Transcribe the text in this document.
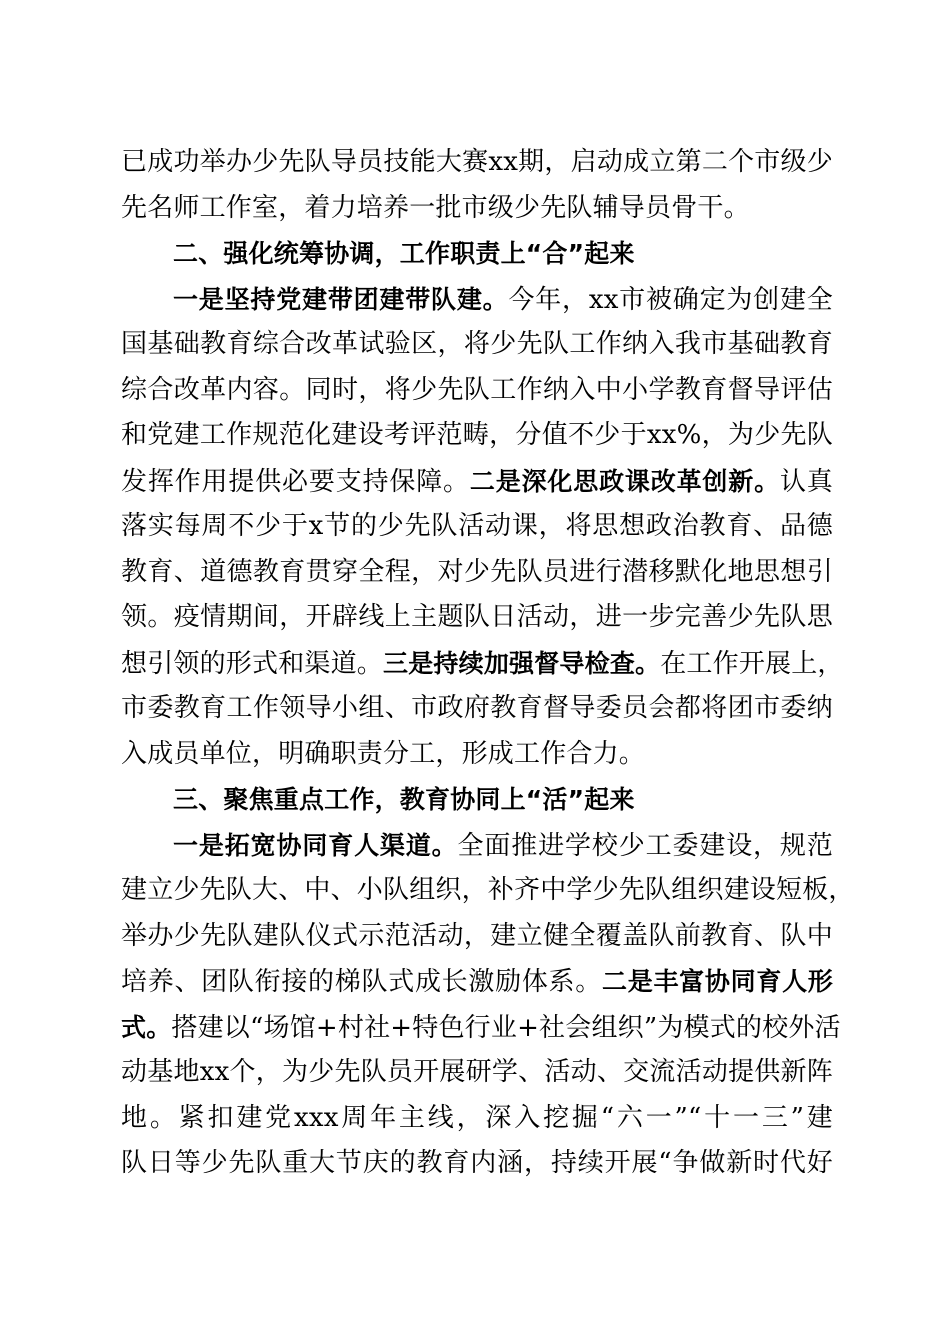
已成功举办少先队导员技能大赛xx期，启动成立第二个市级少
先名师工作室，着力培养一批市级少先队辅导员骨干。
二、强化统筹协调，工作职责上“合”起来
一是坚持党建带团建带队建。今年，xx市被确定为创建全
国基础教育综合改革试验区，将少先队工作纳入我市基础教育
综合改革内容。同时，将少先队工作纳入中小学教育督导评估
和党建工作规范化建设考评范畴，分值不少于xx%，为少先队
发挥作用提供必要支持保障。二是深化思政课改革创新。认真
落实每周不少于x节的少先队活动课，将思想政治教育、品德
教育、道德教育贯穿全程，对少先队员进行潜移默化地思想引
领。疫情期间，开辟线上主题队日活动，进一步完善少先队思
想引领的形式和渠道。三是持续加强督导检查。在工作开展上，
市委教育工作领导小组、市政府教育督导委员会都将团市委纳
入成员单位，明确职责分工，形成工作合力。
三、聚焦重点工作，教育协同上“活”起来
一是拓宽协同育人渠道。全面推进学校少工委建设，规范
建立少先队大、中、小队组织，补齐中学少先队组织建设短板，
举办少先队建队仪式示范活动，建立健全覆盖队前教育、队中
培养、团队衔接的梯队式成长激励体系。二是丰富协同育人形
式。搭建以“场馆+村社+特色行业+社会组织”为模式的校外活
动基地xx个，为少先队员开展研学、活动、交流活动提供新阵
地。紧扣建党xxx周年主线，深入挖掘“六一”“十一三”建
队日等少先队重大节庆的教育内涵，持续开展“争做新时代好
